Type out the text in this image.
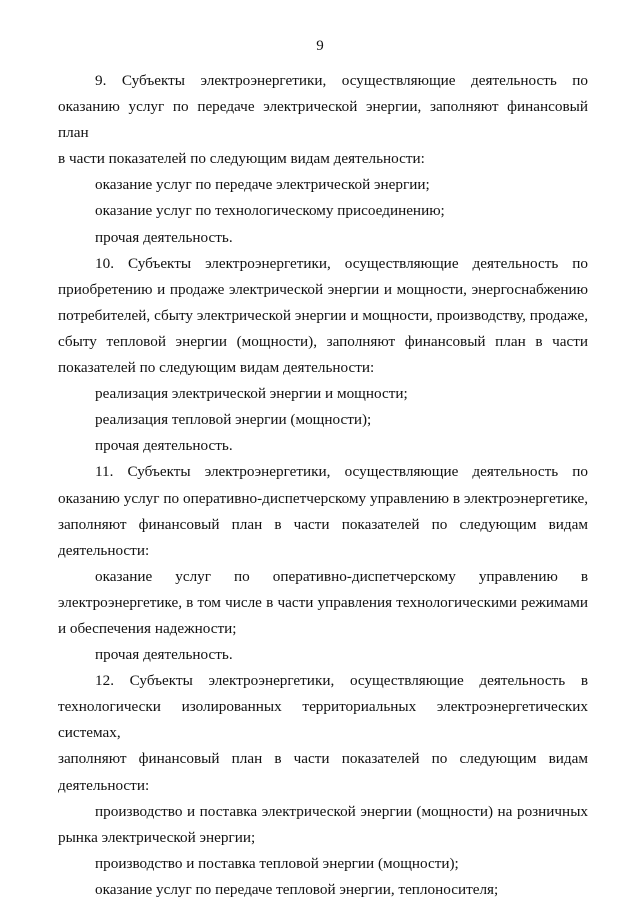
9

9. Субъекты электроэнергетики, осуществляющие деятельность по

оказанию услуг по передаче электрической энергии, заполняют финансовый план

в части показателей по следующим видам деятельности:

оказание услуг по передаче электрической энергии;

оказание услуг по технологическому присоединению;

прочая деятельность.

10. Субъекты электроэнергетики, осуществляющие деятельность по

приобретению и продаже электрической энергии и мощности, энергоснабжению

потребителей, сбыту электрической энергии и мощности, производству, продаже,

сбыту тепловой энергии (мощности), заполняют финансовый план в части

показателей по следующим видам деятельности:

реализация электрической энергии и мощности;

реализация тепловой энергии (мощности);

прочая деятельность.

11. Субъекты электроэнергетики, осуществляющие деятельность по

оказанию услуг по оперативно-диспетчерскому управлению в электроэнергетике,

заполняют финансовый план в части показателей по следующим видам

деятельности:

оказание услуг по оперативно-диспетчерскому управлению в

электроэнергетике, в том числе в части управления технологическими режимами

и обеспечения надежности;

прочая деятельность.

12. Субъекты электроэнергетики, осуществляющие деятельность в

технологически изолированных территориальных электроэнергетических системах,

заполняют финансовый план в части показателей по следующим видам

деятельности:

производство и поставка электрической энергии (мощности) на розничных

рынка электрической энергии;

производство и поставка тепловой энергии (мощности);

оказание услуг по передаче тепловой энергии, теплоносителя;
